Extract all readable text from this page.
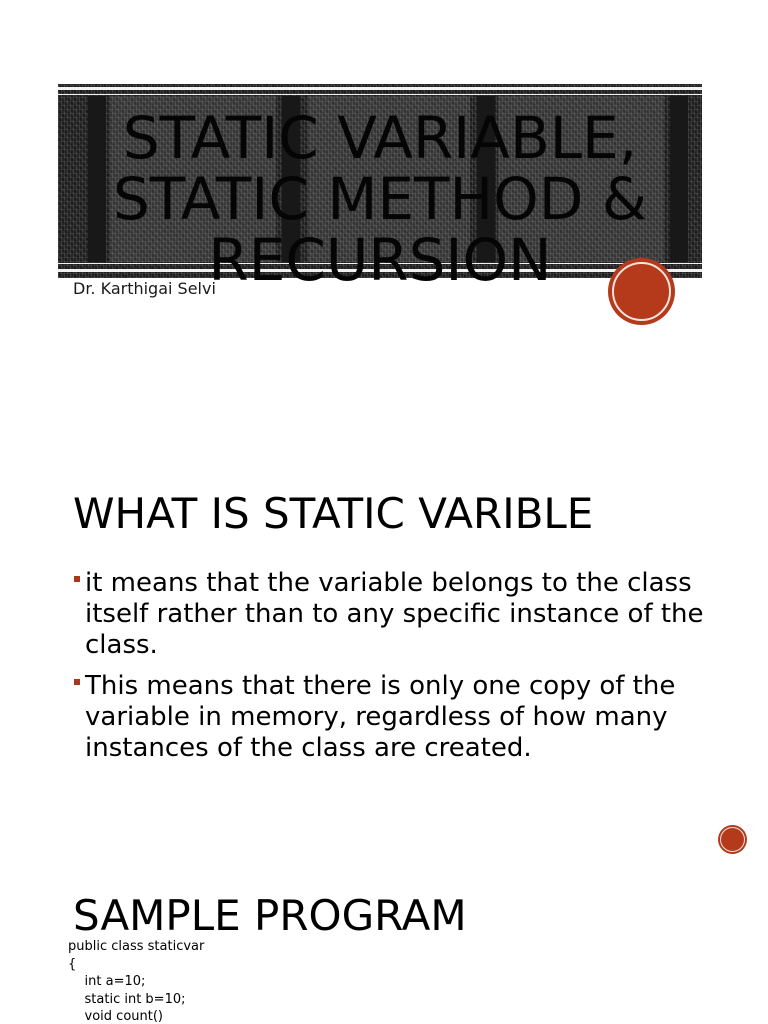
STATIC VARIABLE, STATIC METHOD & RECURSION
Dr. Karthigai Selvi
WHAT IS STATIC VARIBLE
it means that the variable belongs to the class itself rather than to any specific instance of the class.
This means that there is only one copy of the variable in memory, regardless of how many instances of the class are created.
SAMPLE PROGRAM
public class staticvar
{
int a=10;
static int b=10;
void count()
